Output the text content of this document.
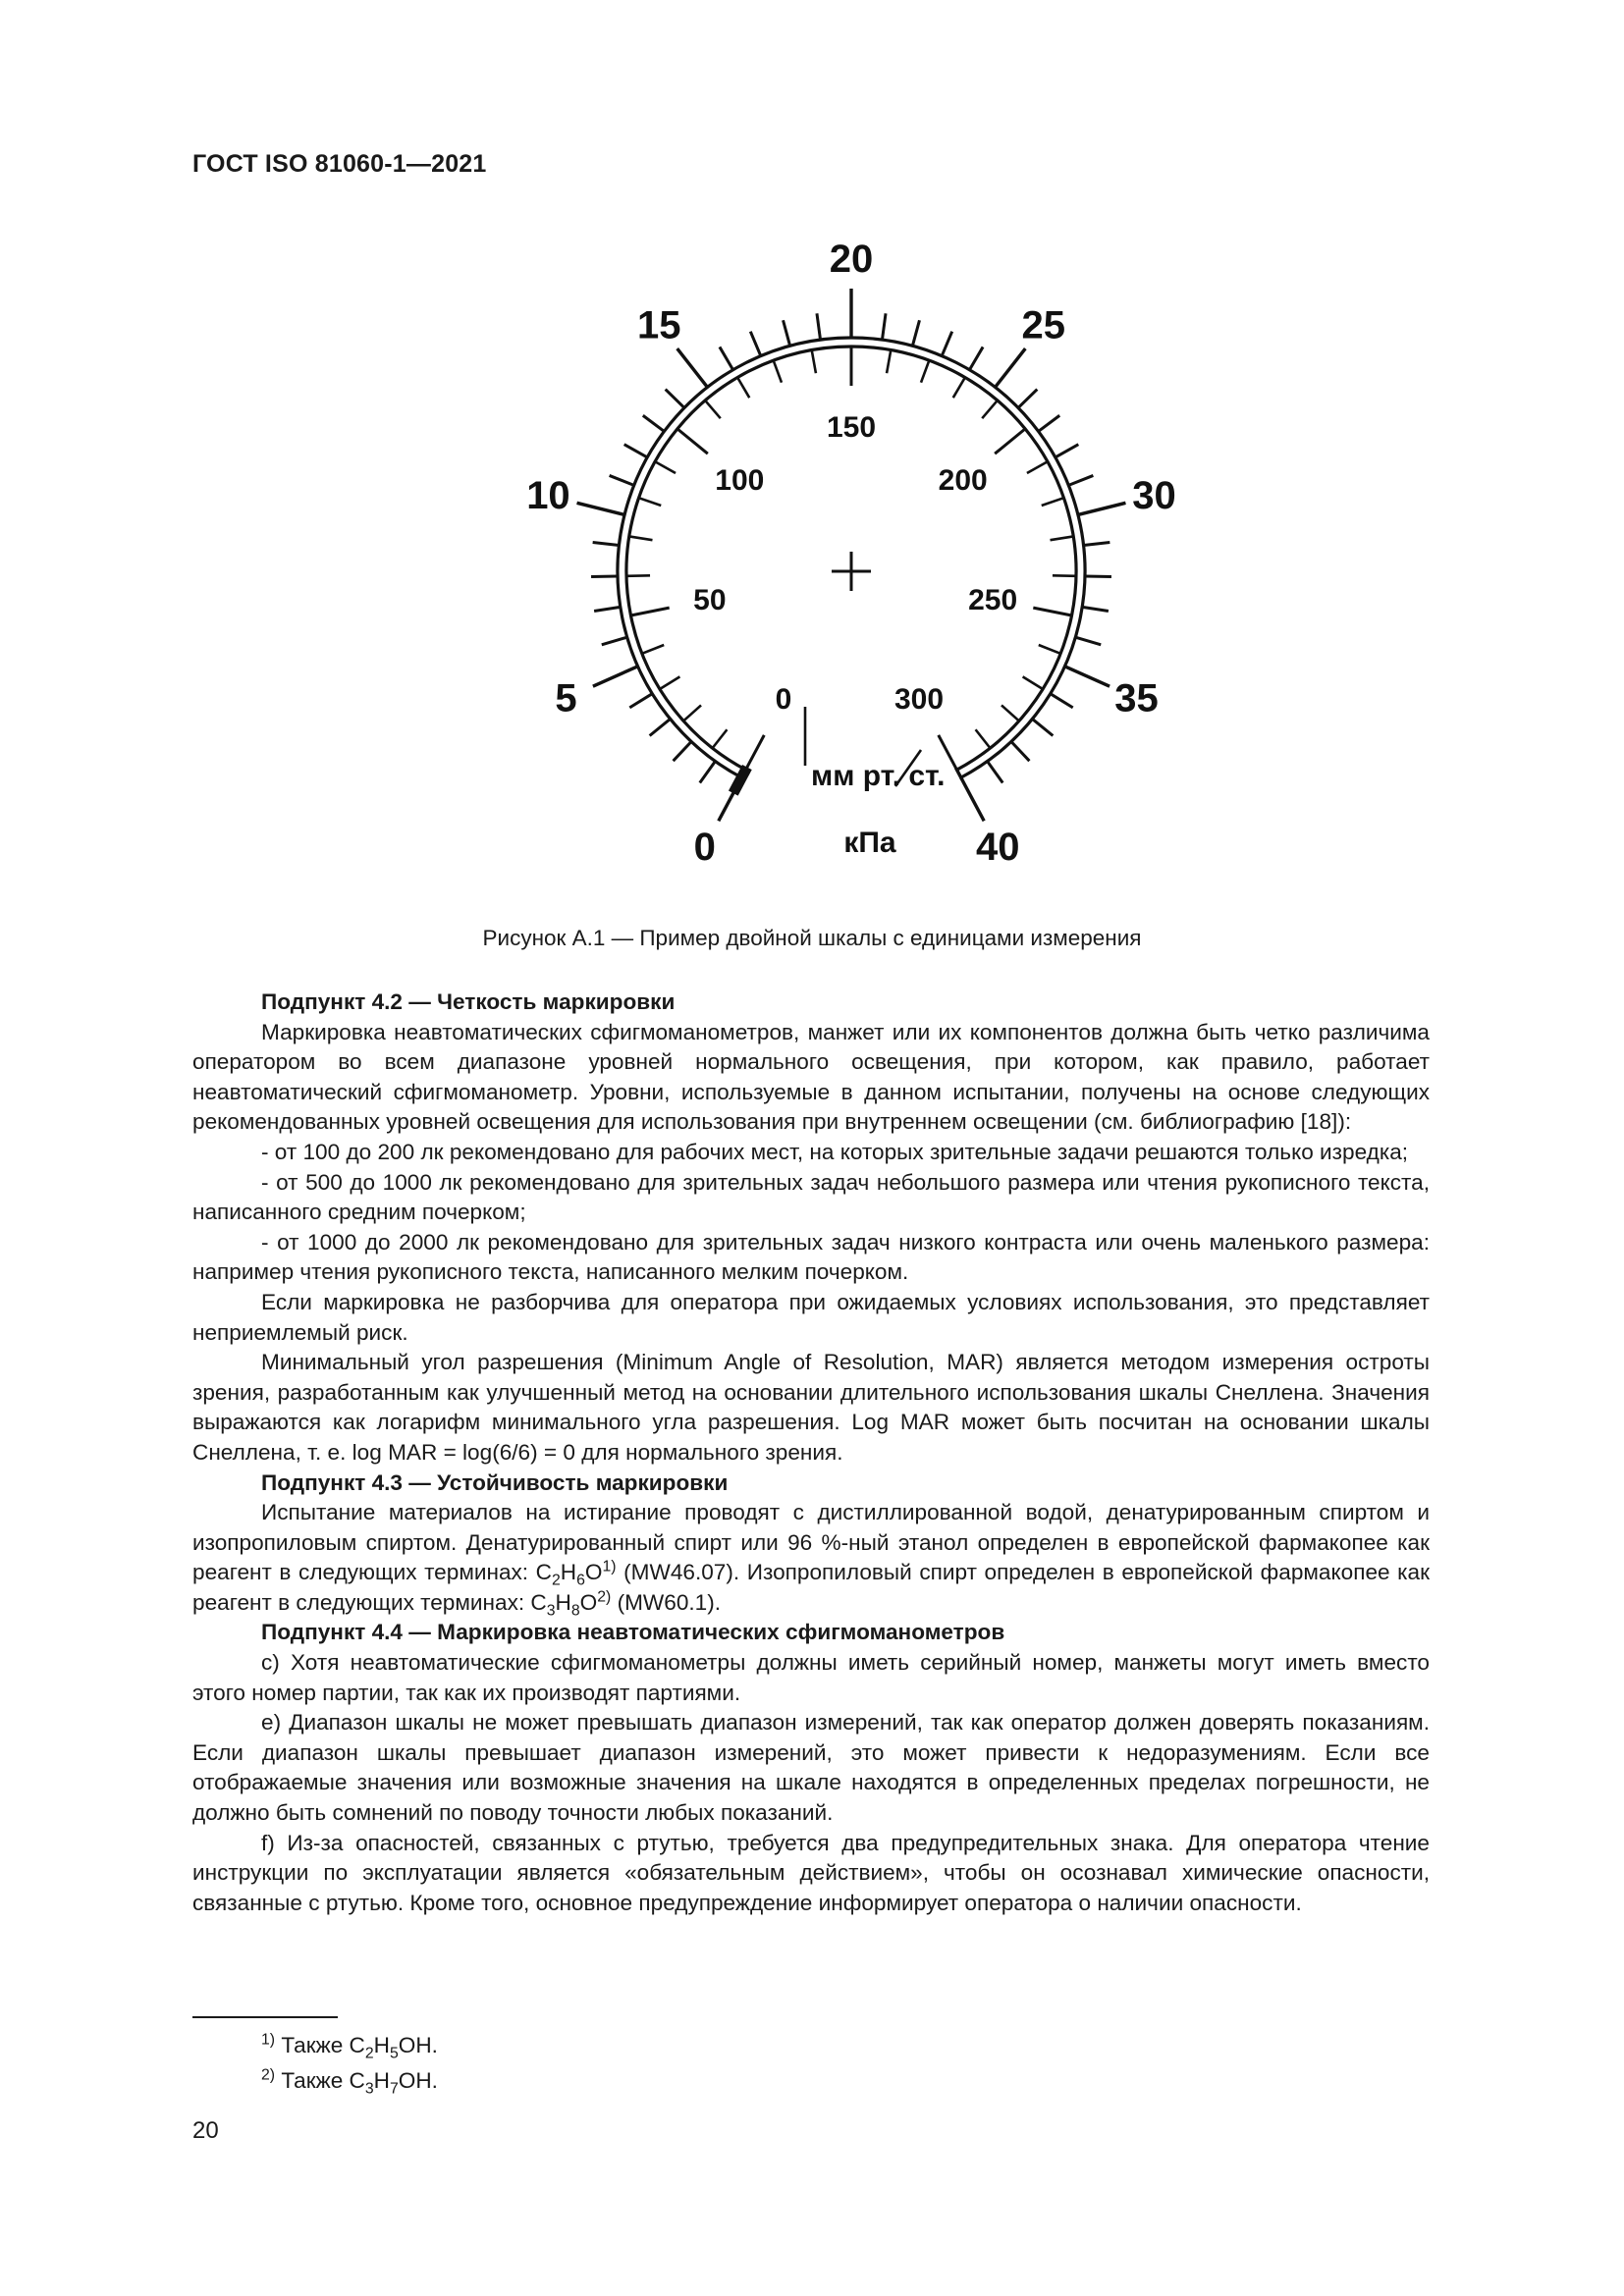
ГОСТ ISO 81060-1—2021
0
5
10
15
20
25
30
35
40
0
50
100
150
200
250
300
мм рт. ст.
кПа
Рисунок А.1 — Пример двойной шкалы с единицами измерения

Подпункт 4.2 — Четкость маркировки

Маркировка неавтоматических сфигмоманометров, манжет или их компонентов должна быть четко различима оператором во всем диапазоне уровней нормального освещения, при котором, как правило, работает неавтоматический сфигмоманометр. Уровни, используемые в данном испытании, получены на основе следующих рекомендованных уровней освещения для использования при внутреннем освещении (см. библиографию [18]):

- от 100 до 200 лк рекомендовано для рабочих мест, на которых зрительные задачи решаются только изредка;

- от 500 до 1000 лк рекомендовано для зрительных задач небольшого размера или чтения рукописного текста, написанного средним почерком;

- от 1000 до 2000 лк рекомендовано для зрительных задач низкого контраста или очень маленького размера: например чтения рукописного текста, написанного мелким почерком.

Если маркировка не разборчива для оператора при ожидаемых условиях использования, это представляет неприемлемый риск.

Минимальный угол разрешения (Minimum Angle of Resolution, MAR) является методом измерения остроты зрения, разработанным как улучшенный метод на основании длительного использования шкалы Снеллена. Значения выражаются как логарифм минимального угла разрешения. Log MAR может быть посчитан на основании шкалы Снеллена, т. е. log MAR = log(6/6) = 0 для нормального зрения.

Подпункт 4.3 — Устойчивость маркировки

Испытание материалов на истирание проводят с дистиллированной водой, денатурированным спиртом и изопропиловым спиртом. Денатурированный спирт или 96 %-ный этанол определен в европейской фармакопее как реагент в следующих терминах: $C_2H_6O^{1)}$ (MW46.07). Изопропиловый спирт определен в европейской фармакопее как реагент в следующих терминах: $C_3H_8O^{2)}$ (MW60.1).

Подпункт 4.4 — Маркировка неавтоматических сфигмоманометров

c) Хотя неавтоматические сфигмоманометры должны иметь серийный номер, манжеты могут иметь вместо этого номер партии, так как их производят партиями.

e) Диапазон шкалы не может превышать диапазон измерений, так как оператор должен доверять показаниям. Если диапазон шкалы превышает диапазон измерений, это может привести к недоразумениям. Если все отображаемые значения или возможные значения на шкале находятся в определенных пределах погрешности, не должно быть сомнений по поводу точности любых показаний.

f) Из-за опасностей, связанных с ртутью, требуется два предупредительных знака. Для оператора чтение инструкции по эксплуатации является «обязательным действием», чтобы он осознавал химические опасности, связанные с ртутью. Кроме того, основное предупреждение информирует оператора о наличии опасности.

$^{1)}$ Также $C_2H_5OH$.
$^{2)}$ Также $C_3H_7OH$.
20
